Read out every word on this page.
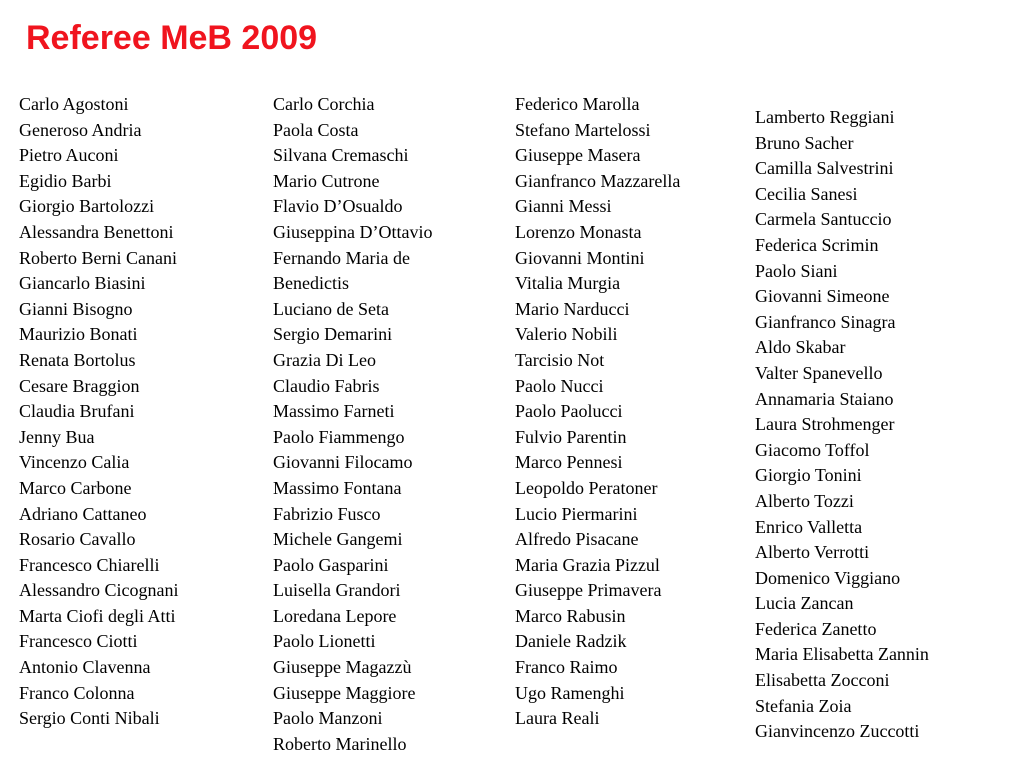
Referee MeB 2009
Carlo Agostoni
Generoso Andria
Pietro Auconi
Egidio Barbi
Giorgio Bartolozzi
Alessandra Benettoni
Roberto Berni Canani
Giancarlo Biasini
Gianni Bisogno
Maurizio Bonati
Renata Bortolus
Cesare Braggion
Claudia Brufani
Jenny Bua
Vincenzo Calia
Marco Carbone
Adriano Cattaneo
Rosario Cavallo
Francesco Chiarelli
Alessandro Cicognani
Marta Ciofi degli Atti
Francesco Ciotti
Antonio Clavenna
Franco Colonna
Sergio Conti Nibali
Carlo Corchia
Paola Costa
Silvana Cremaschi
Mario Cutrone
Flavio D’Osualdo
Giuseppina D’Ottavio
Fernando Maria de
Benedictis
Luciano de Seta
Sergio Demarini
Grazia Di Leo
Claudio Fabris
Massimo Farneti
Paolo Fiammengo
Giovanni Filocamo
Massimo Fontana
Fabrizio Fusco
Michele Gangemi
Paolo Gasparini
Luisella Grandori
Loredana Lepore
Paolo Lionetti
Giuseppe Magazzù
Giuseppe Maggiore
Paolo Manzoni
Roberto Marinello
Federico Marolla
Stefano Martelossi
Giuseppe Masera
Gianfranco Mazzarella
Gianni Messi
Lorenzo Monasta
Giovanni Montini
Vitalia Murgia
Mario Narducci
Valerio Nobili
Tarcisio Not
Paolo Nucci
Paolo Paolucci
Fulvio Parentin
Marco Pennesi
Leopoldo Peratoner
Lucio Piermarini
Alfredo Pisacane
Maria Grazia Pizzul
Giuseppe Primavera
Marco Rabusin
Daniele Radzik
Franco Raimo
Ugo Ramenghi
Laura Reali
Lamberto Reggiani
Bruno Sacher
Camilla Salvestrini
Cecilia Sanesi
Carmela Santuccio
Federica Scrimin
Paolo Siani
Giovanni Simeone
Gianfranco Sinagra
Aldo Skabar
Valter Spanevello
Annamaria Staiano
Laura Strohmenger
Giacomo Toffol
Giorgio Tonini
Alberto Tozzi
Enrico Valletta
Alberto Verrotti
Domenico Viggiano
Lucia Zancan
Federica Zanetto
Maria Elisabetta Zannin
Elisabetta Zocconi
Stefania Zoia
Gianvincenzo Zuccotti
